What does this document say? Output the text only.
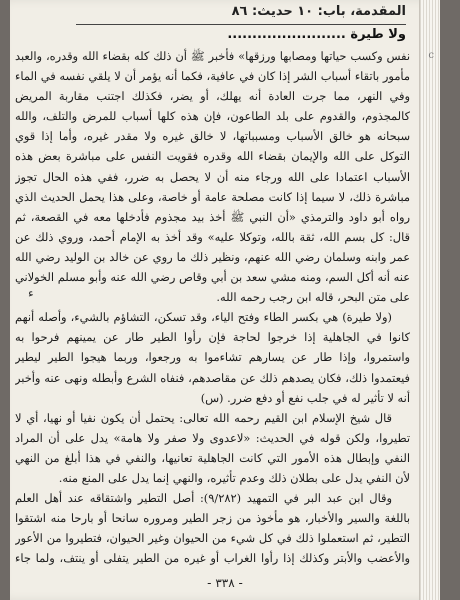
المقدمة، باب: ١٠ حديث: ٨٦
ولا طيرة ........................

نفس وكسب حياتها ومصابها ورزقها» فأخبر ﷺ أن ذلك كله بقضاء الله وقدره، والعبد مأمور باتقاء أسباب الشر إذا كان في عافية، فكما أنه يؤمر أن لا يلقي نفسه في الماء وفي النهر، مما جرت العادة أنه يهلك، أو يضر، فكذلك اجتنب مقاربة المريض كالمجذوم، والقدوم على بلد الطاعون، فإن هذه كلها أسباب للمرض والتلف، والله سبحانه هو خالق الأسباب ومسبباتها، لا خالق غيره ولا مقدر غيره، وأما إذا قوي التوكل على الله والإيمان بقضاء الله وقدره فقويت النفس على مباشرة بعض هذه الأسباب اعتمادا على الله ورجاء منه أن لا يحصل به ضرر، ففي هذه الحال تجوز مباشرة ذلك، لا سيما إذا كانت مصلحة عامة أو خاصة، وعلى هذا يحمل الحديث الذي رواه أبو داود والترمذي «أن النبي ﷺ أخذ بيد مجذوم فأدخلها معه في القصعة، ثم قال: كل بسم الله، ثقة بالله، وتوكلا عليه» وقد أخذ به الإمام أحمد، وروي ذلك عن عمر وابنه وسلمان رضي الله عنهم، ونظير ذلك ما روي عن خالد بن الوليد رضي الله عنه أنه أكل السم، ومنه مشي سعد بن أبي وقاص رضي الله عنه وأبو مسلم الخولاني على متن البحر، قاله ابن رجب رحمه الله.

(ولا طيرة) هي بكسر الطاء وفتح الياء، وقد تسكن، التشاؤم بالشيء، وأصله أنهم كانوا في الجاهلية إذا خرجوا لحاجة فإن رأوا الطير طار عن يمينهم فرحوا به واستمروا، وإذا طار عن يسارهم تشاءموا به ورجعوا، وربما هيجوا الطير ليطير فيعتمدوا ذلك، فكان يصدهم ذلك عن مقاصدهم، فنفاه الشرع وأبطله ونهى عنه وأخبر أنه لا تأثير له في جلب نفع أو دفع ضرر. (س)

قال شيخ الإسلام ابن القيم رحمه الله تعالى: يحتمل أن يكون نفيا أو نهيا، أي لا تطيروا، ولكن قوله في الحديث: «لاعدوى ولا صفر ولا هامة» يدل على أن المراد النفي وإبطال هذه الأمور التي كانت الجاهلية تعانيها، والنفي في هذا أبلغ من النهي لأن النفي يدل على بطلان ذلك وعدم تأثيره، والنهي إنما يدل على المنع منه.

وقال ابن عبد البر في التمهيد (٩/٢٨٢): أصل التطير واشتقاقه عند أهل العلم باللغة والسير والأخبار، هو مأخوذ من زجر الطير ومروره سانحا أو بارحا منه اشتقوا التطير، ثم استعملوا ذلك في كل شيء من الحيوان وغير الحيوان، فتطيروا من الأعور والأعضب والأبتر وكذلك إذا رأوا الغراب أو غيره من الطير يتفلى أو ينتف، ولما جاء

ء
c
- ٣٣٨ -
